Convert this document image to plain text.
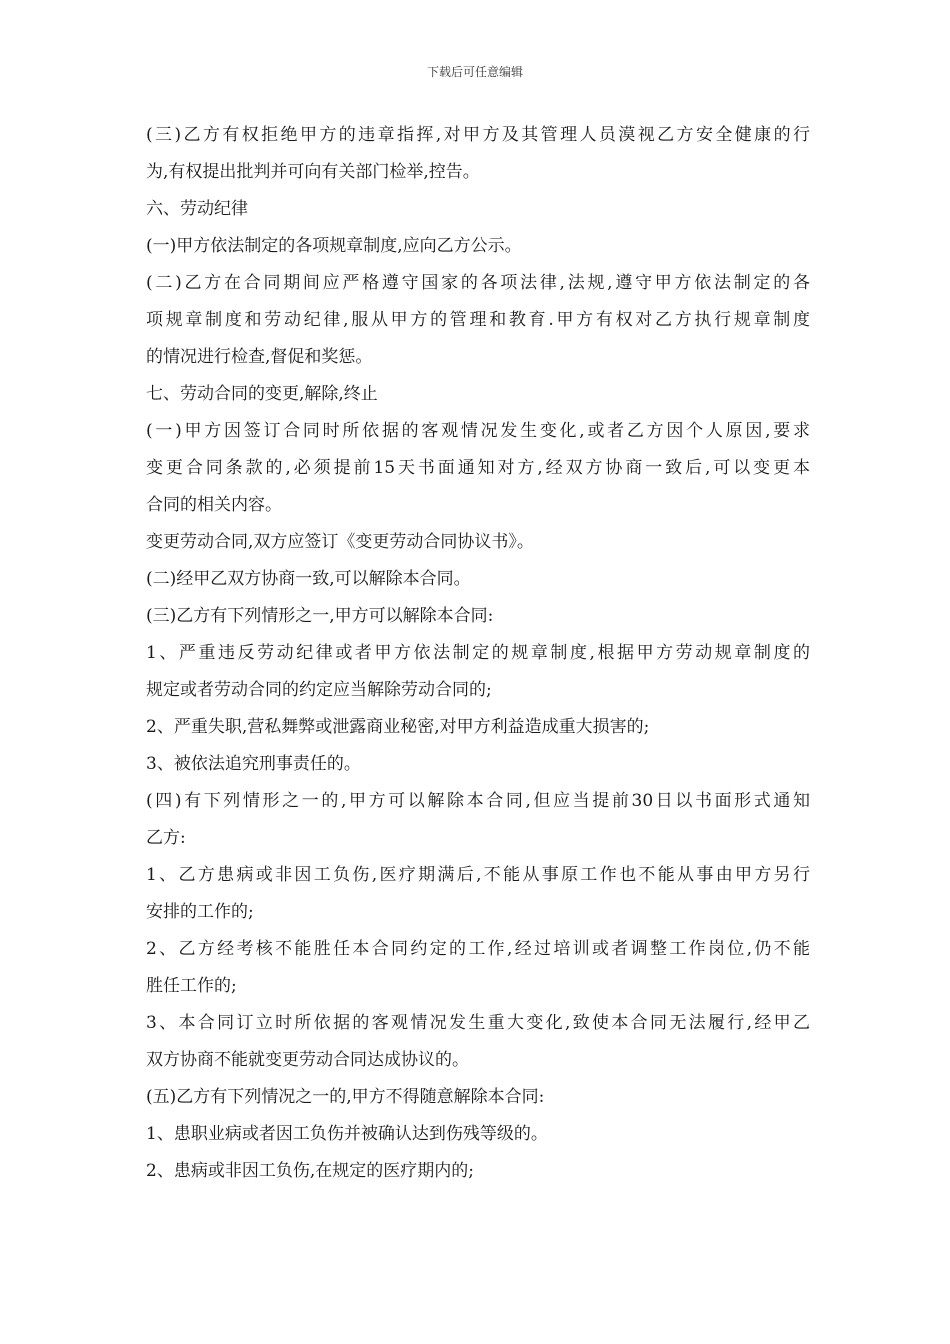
下载后可任意编辑
(三)乙方有权拒绝甲方的违章指挥,对甲方及其管理人员漠视乙方安全健康的行
为,有权提出批判并可向有关部门检举,控告。
六、劳动纪律
(一)甲方依法制定的各项规章制度,应向乙方公示。
(二)乙方在合同期间应严格遵守国家的各项法律,法规,遵守甲方依法制定的各
项规章制度和劳动纪律,服从甲方的管理和教育.甲方有权对乙方执行规章制度
的情况进行检查,督促和奖惩。
七、劳动合同的变更,解除,终止
(一)甲方因签订合同时所依据的客观情况发生变化,或者乙方因个人原因,要求
变更合同条款的,必须提前15天书面通知对方,经双方协商一致后,可以变更本
合同的相关内容。
变更劳动合同,双方应签订《变更劳动合同协议书》。
(二)经甲乙双方协商一致,可以解除本合同。
(三)乙方有下列情形之一,甲方可以解除本合同:
1、严重违反劳动纪律或者甲方依法制定的规章制度,根据甲方劳动规章制度的
规定或者劳动合同的约定应当解除劳动合同的;
2、严重失职,营私舞弊或泄露商业秘密,对甲方利益造成重大损害的;
3、被依法追究刑事责任的。
(四)有下列情形之一的,甲方可以解除本合同,但应当提前30日以书面形式通知
乙方:
1、乙方患病或非因工负伤,医疗期满后,不能从事原工作也不能从事由甲方另行
安排的工作的;
2、乙方经考核不能胜任本合同约定的工作,经过培训或者调整工作岗位,仍不能
胜任工作的;
3、本合同订立时所依据的客观情况发生重大变化,致使本合同无法履行,经甲乙
双方协商不能就变更劳动合同达成协议的。
(五)乙方有下列情况之一的,甲方不得随意解除本合同:
1、患职业病或者因工负伤并被确认达到伤残等级的。
2、患病或非因工负伤,在规定的医疗期内的;
